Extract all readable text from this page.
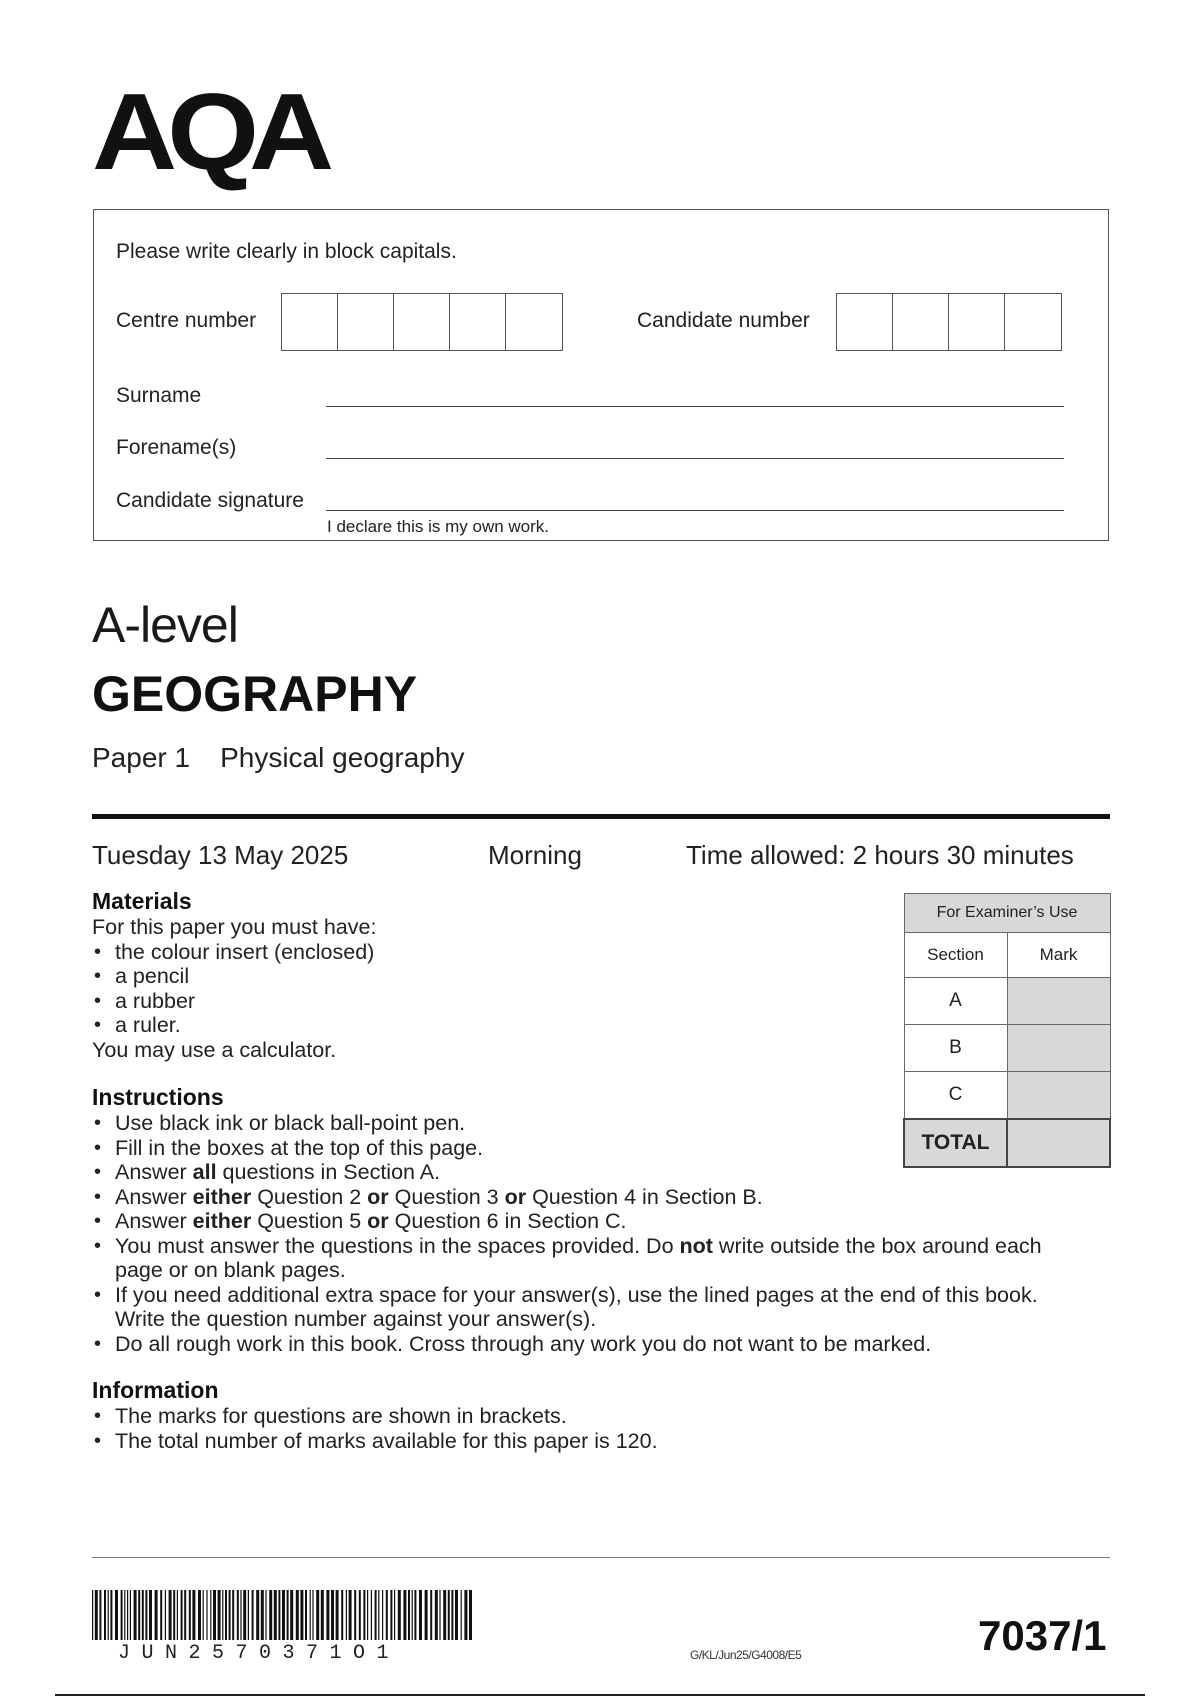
AQA
Please write clearly in block capitals.
Centre number	Candidate number
Surname
Forename(s)
Candidate signature
I declare this is my own work.
A-level
GEOGRAPHY
Paper 1 Physical geography
Tuesday 13 May 2025	Morning	Time allowed: 2 hours 30 minutes
Materials
For this paper you must have:
• the colour insert (enclosed)
• a pencil
• a rubber
• a ruler.
You may use a calculator.
Instructions
• Use black ink or black ball-point pen.
• Fill in the boxes at the top of this page.
• Answer all questions in Section A.
• Answer either Question 2 or Question 3 or Question 4 in Section B.
• Answer either Question 5 or Question 6 in Section C.
• You must answer the questions in the spaces provided. Do not write outside the box around each page or on blank pages.
• If you need additional extra space for your answer(s), use the lined pages at the end of this book. Write the question number against your answer(s).
• Do all rough work in this book. Cross through any work you do not want to be marked.
Information
• The marks for questions are shown in brackets.
• The total number of marks available for this paper is 120.
For Examiner’s Use	
Section	Mark
A	
B	
C	
TOTAL	
JUN2570371O1	G/KL/Jun25/G4008/E5	7037/1
